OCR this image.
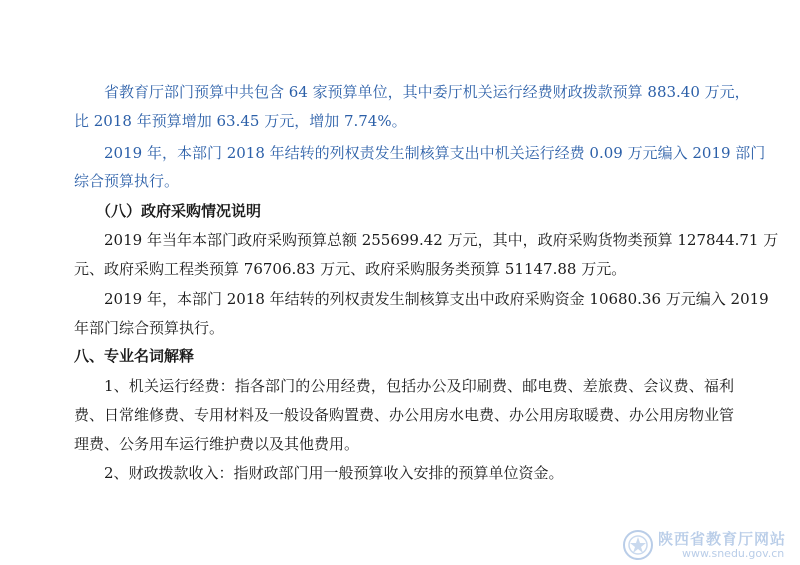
省教育厅部门预算中共包含 64 家预算单位，其中委厅机关运行经费财政拨款预算 883.40 万元，
比 2018 年预算增加 63.45 万元，增加 7.74%。
2019 年，本部门 2018 年结转的列权责发生制核算支出中机关运行经费 0.09 万元编入 2019 部门
综合预算执行。
（八）政府采购情况说明
2019 年当年本部门政府采购预算总额 255699.42 万元，其中，政府采购货物类预算 127844.71 万
元、政府采购工程类预算 76706.83 万元、政府采购服务类预算 51147.88 万元。
2019 年，本部门 2018 年结转的列权责发生制核算支出中政府采购资金 10680.36 万元编入 2019
年部门综合预算执行。
八、专业名词解释
1、机关运行经费：指各部门的公用经费，包括办公及印刷费、邮电费、差旅费、会议费、福利
费、日常维修费、专用材料及一般设备购置费、办公用房水电费、办公用房取暖费、办公用房物业管
理费、公务用车运行维护费以及其他费用。
2、财政拨款收入：指财政部门用一般预算收入安排的预算单位资金。
陕西省教育厅网站
www.snedu.gov.cn
